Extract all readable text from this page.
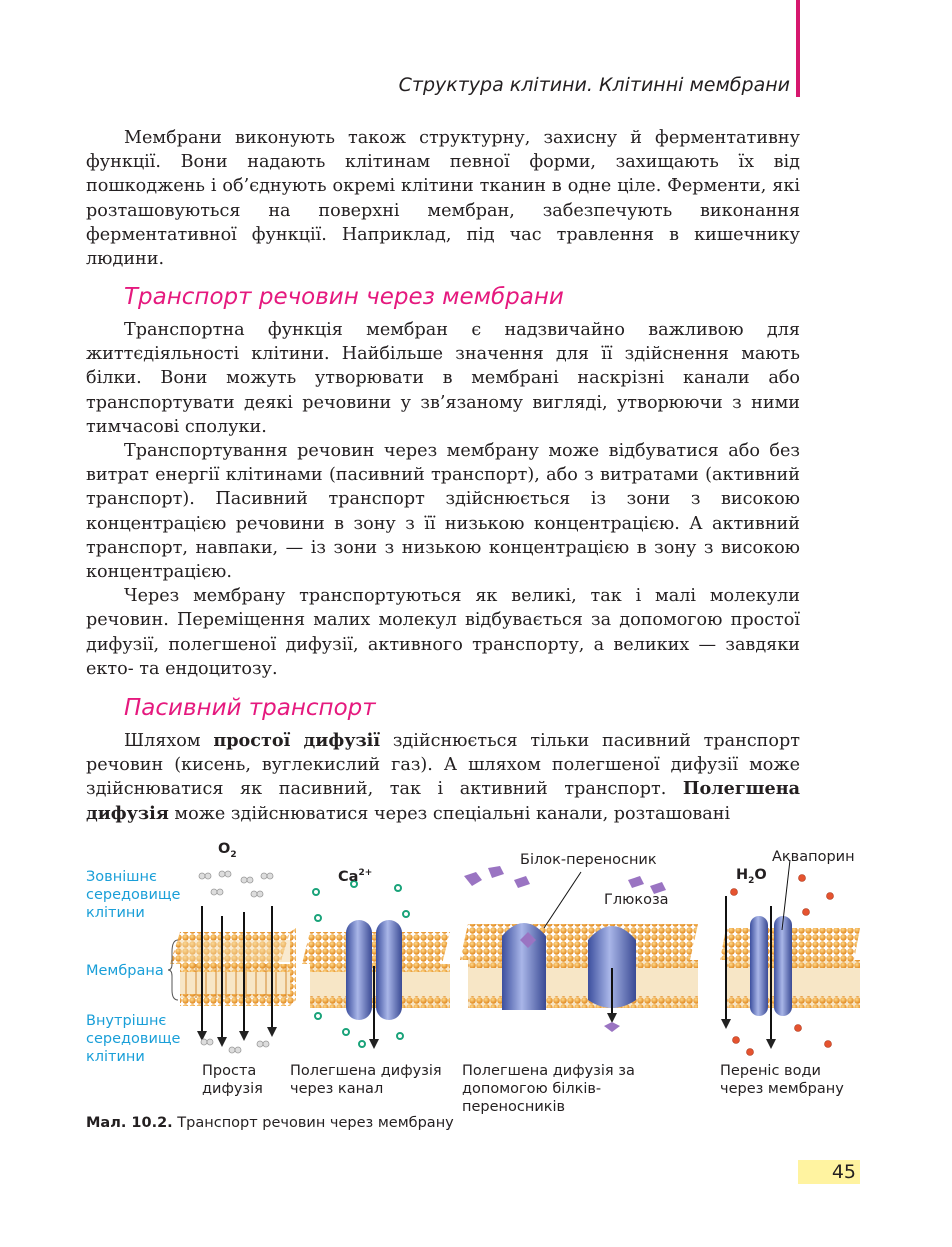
Структура клітини. Клітинні мембрани

Мембрани виконують також структурну, захисну й ферментативну функції. Вони надають клітинам певної форми, захищають їх від пошкоджень і об’єднують окремі клітини тканин в одне ціле. Ферменти, які розташовуються на поверхні мембран, забезпечують виконання ферментативної функції. Наприклад, під час травлення в кишечнику людини.

Транспорт речовин через мембрани

Транспортна функція мембран є надзвичайно важливою для життєдіяльності клітини. Найбільше значення для її здійснення мають білки. Вони можуть утворювати в мембрані наскрізні канали або транспортувати деякі речовини у зв’язаному вигляді, утворюючи з ними тимчасові сполуки.

Транспортування речовин через мембрану може відбуватися або без витрат енергії клітинами (пасивний транспорт), або з витратами (активний транспорт). Пасивний транспорт здійснюється із зони з високою концентрацією речовини в зону з її низькою концентрацією. А активний транспорт, навпаки, — із зони з низькою концентрацією в зону з високою концентрацією.

Через мембрану транспортуються як великі, так і малі молекули речовин. Переміщення малих молекул відбувається за допомогою простої дифузії, полегшеної дифузії, активного транспорту, а великих — завдяки екто- та ендоцитозу.

Пасивний транспорт

Шляхом простої дифузії здійснюється тільки пасивний транспорт речовин (кисень, вуглекислий газ). А шляхом полегшеної дифузії може здійснюватися як пасивний, так і активний транспорт. Полегшена дифузія може здійснюватися через спеціальні канали, розташовані

Зовнішнє середовище клітини
Мембрана
Внутрішнє середовище клітини
$O_2$
$Ca^{2+}$
Білок-переносник
Глюкоза
Аквапорин
$H_2O$
Проста дифузія
Полегшена дифузія через канал
Полегшена дифузія за допомогою білків-переносників
Переніс води через мембрану
Мал. 10.2. Транспорт речовин через мембрану
45
